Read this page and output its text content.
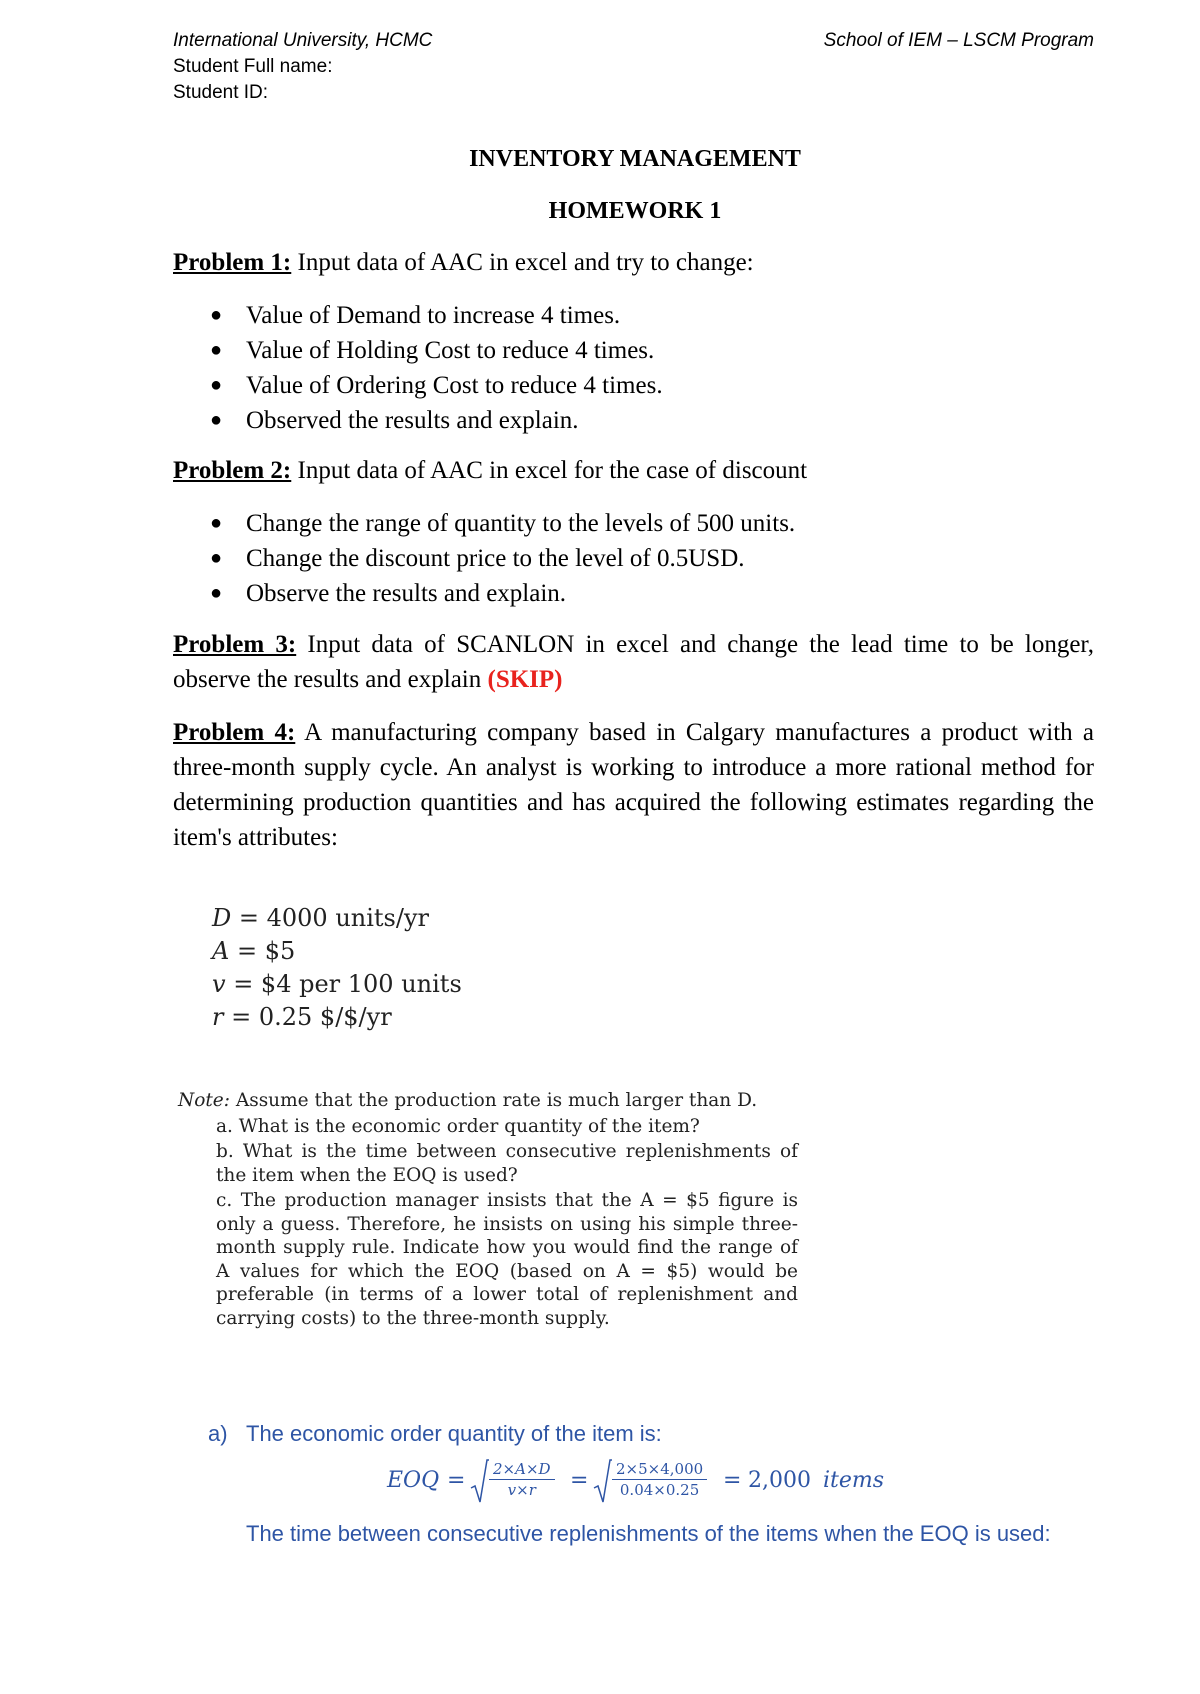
International University, HCMC
Student Full name:
Student ID:
School of IEM – LSCM Program
INVENTORY MANAGEMENT
HOMEWORK 1
Problem 1: Input data of AAC in excel and try to change:
● Value of Demand to increase 4 times.
● Value of Holding Cost to reduce 4 times.
● Value of Ordering Cost to reduce 4 times.
● Observed the results and explain.
Problem 2: Input data of AAC in excel for the case of discount
● Change the range of quantity to the levels of 500 units.
● Change the discount price to the level of 0.5USD.
● Observe the results and explain.
Problem 3: Input data of SCANLON in excel and change the lead time to be longer, observe the results and explain (SKIP)
Problem 4: A manufacturing company based in Calgary manufactures a product with a three-month supply cycle. An analyst is working to introduce a more rational method for determining production quantities and has acquired the following estimates regarding the item's attributes:
D = 4000 units/yr
A = $5
v = $4 per 100 units
r = 0.25 $/$/yr
Note: Assume that the production rate is much larger than D.
a. What is the economic order quantity of the item?
b. What is the time between consecutive replenishments of the item when the EOQ is used?
c. The production manager insists that the A = $5 figure is only a guess. Therefore, he insists on using his simple three-month supply rule. Indicate how you would find the range of A values for which the EOQ (based on A = $5) would be preferable (in terms of a lower total of replenishment and carrying costs) to the three-month supply.
a) The economic order quantity of the item is:
EOQ = $\frac{2\times A\times D}{v\times r} = \frac{2\times 5\times 4,000}{0.04\times 0.25} = 2,000$ items
The time between consecutive replenishments of the items when the EOQ is used:
